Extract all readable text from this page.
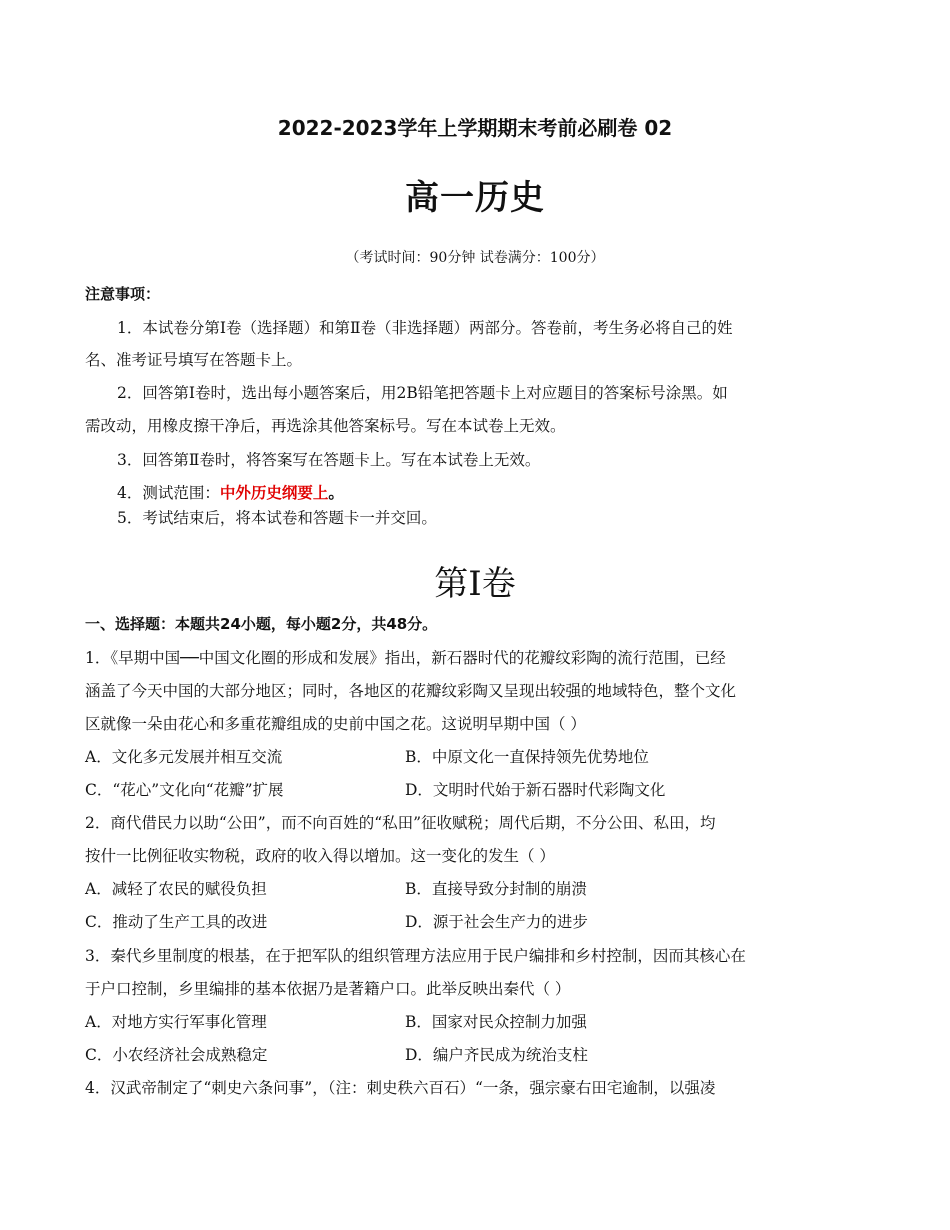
2022-2023学年上学期期末考前必刷卷 02
高一历史
（考试时间：90分钟 试卷满分：100分）
注意事项：
1．本试卷分第Ⅰ卷（选择题）和第Ⅱ卷（非选择题）两部分。答卷前，考生务必将自己的姓
名、准考证号填写在答题卡上。
2．回答第Ⅰ卷时，选出每小题答案后，用2B铅笔把答题卡上对应题目的答案标号涂黑。如
需改动，用橡皮擦干净后，再选涂其他答案标号。写在本试卷上无效。
3．回答第Ⅱ卷时，将答案写在答题卡上。写在本试卷上无效。
4．测试范围：中外历史纲要上。
5．考试结束后，将本试卷和答题卡一并交回。
第Ⅰ卷
一、选择题：本题共24小题，每小题2分，共48分。
1．《早期中国──中国文化圈的形成和发展》指出，新石器时代的花瓣纹彩陶的流行范围，已经
涵盖了今天中国的大部分地区；同时，各地区的花瓣纹彩陶又呈现出较强的地域特色，整个文化
区就像一朵由花心和多重花瓣组成的史前中国之花。这说明早期中国（ ）
A．文化多元发展并相互交流	B．中原文化一直保持领先优势地位
C．“花心”文化向“花瓣”扩展	D．文明时代始于新石器时代彩陶文化
2．商代借民力以助“公田”，而不向百姓的“私田”征收赋税；周代后期，不分公田、私田，均
按什一比例征收实物税，政府的收入得以增加。这一变化的发生（ ）
A．减轻了农民的赋役负担	B．直接导致分封制的崩溃
C．推动了生产工具的改进	D．源于社会生产力的进步
3．秦代乡里制度的根基，在于把军队的组织管理方法应用于民户编排和乡村控制，因而其核心在
于户口控制，乡里编排的基本依据乃是著籍户口。此举反映出秦代（ ）
A．对地方实行军事化管理	B．国家对民众控制力加强
C．小农经济社会成熟稳定	D．编户齐民成为统治支柱
4．汉武帝制定了“刺史六条问事”，（注：刺史秩六百石）“一条，强宗豪右田宅逾制，以强凌
